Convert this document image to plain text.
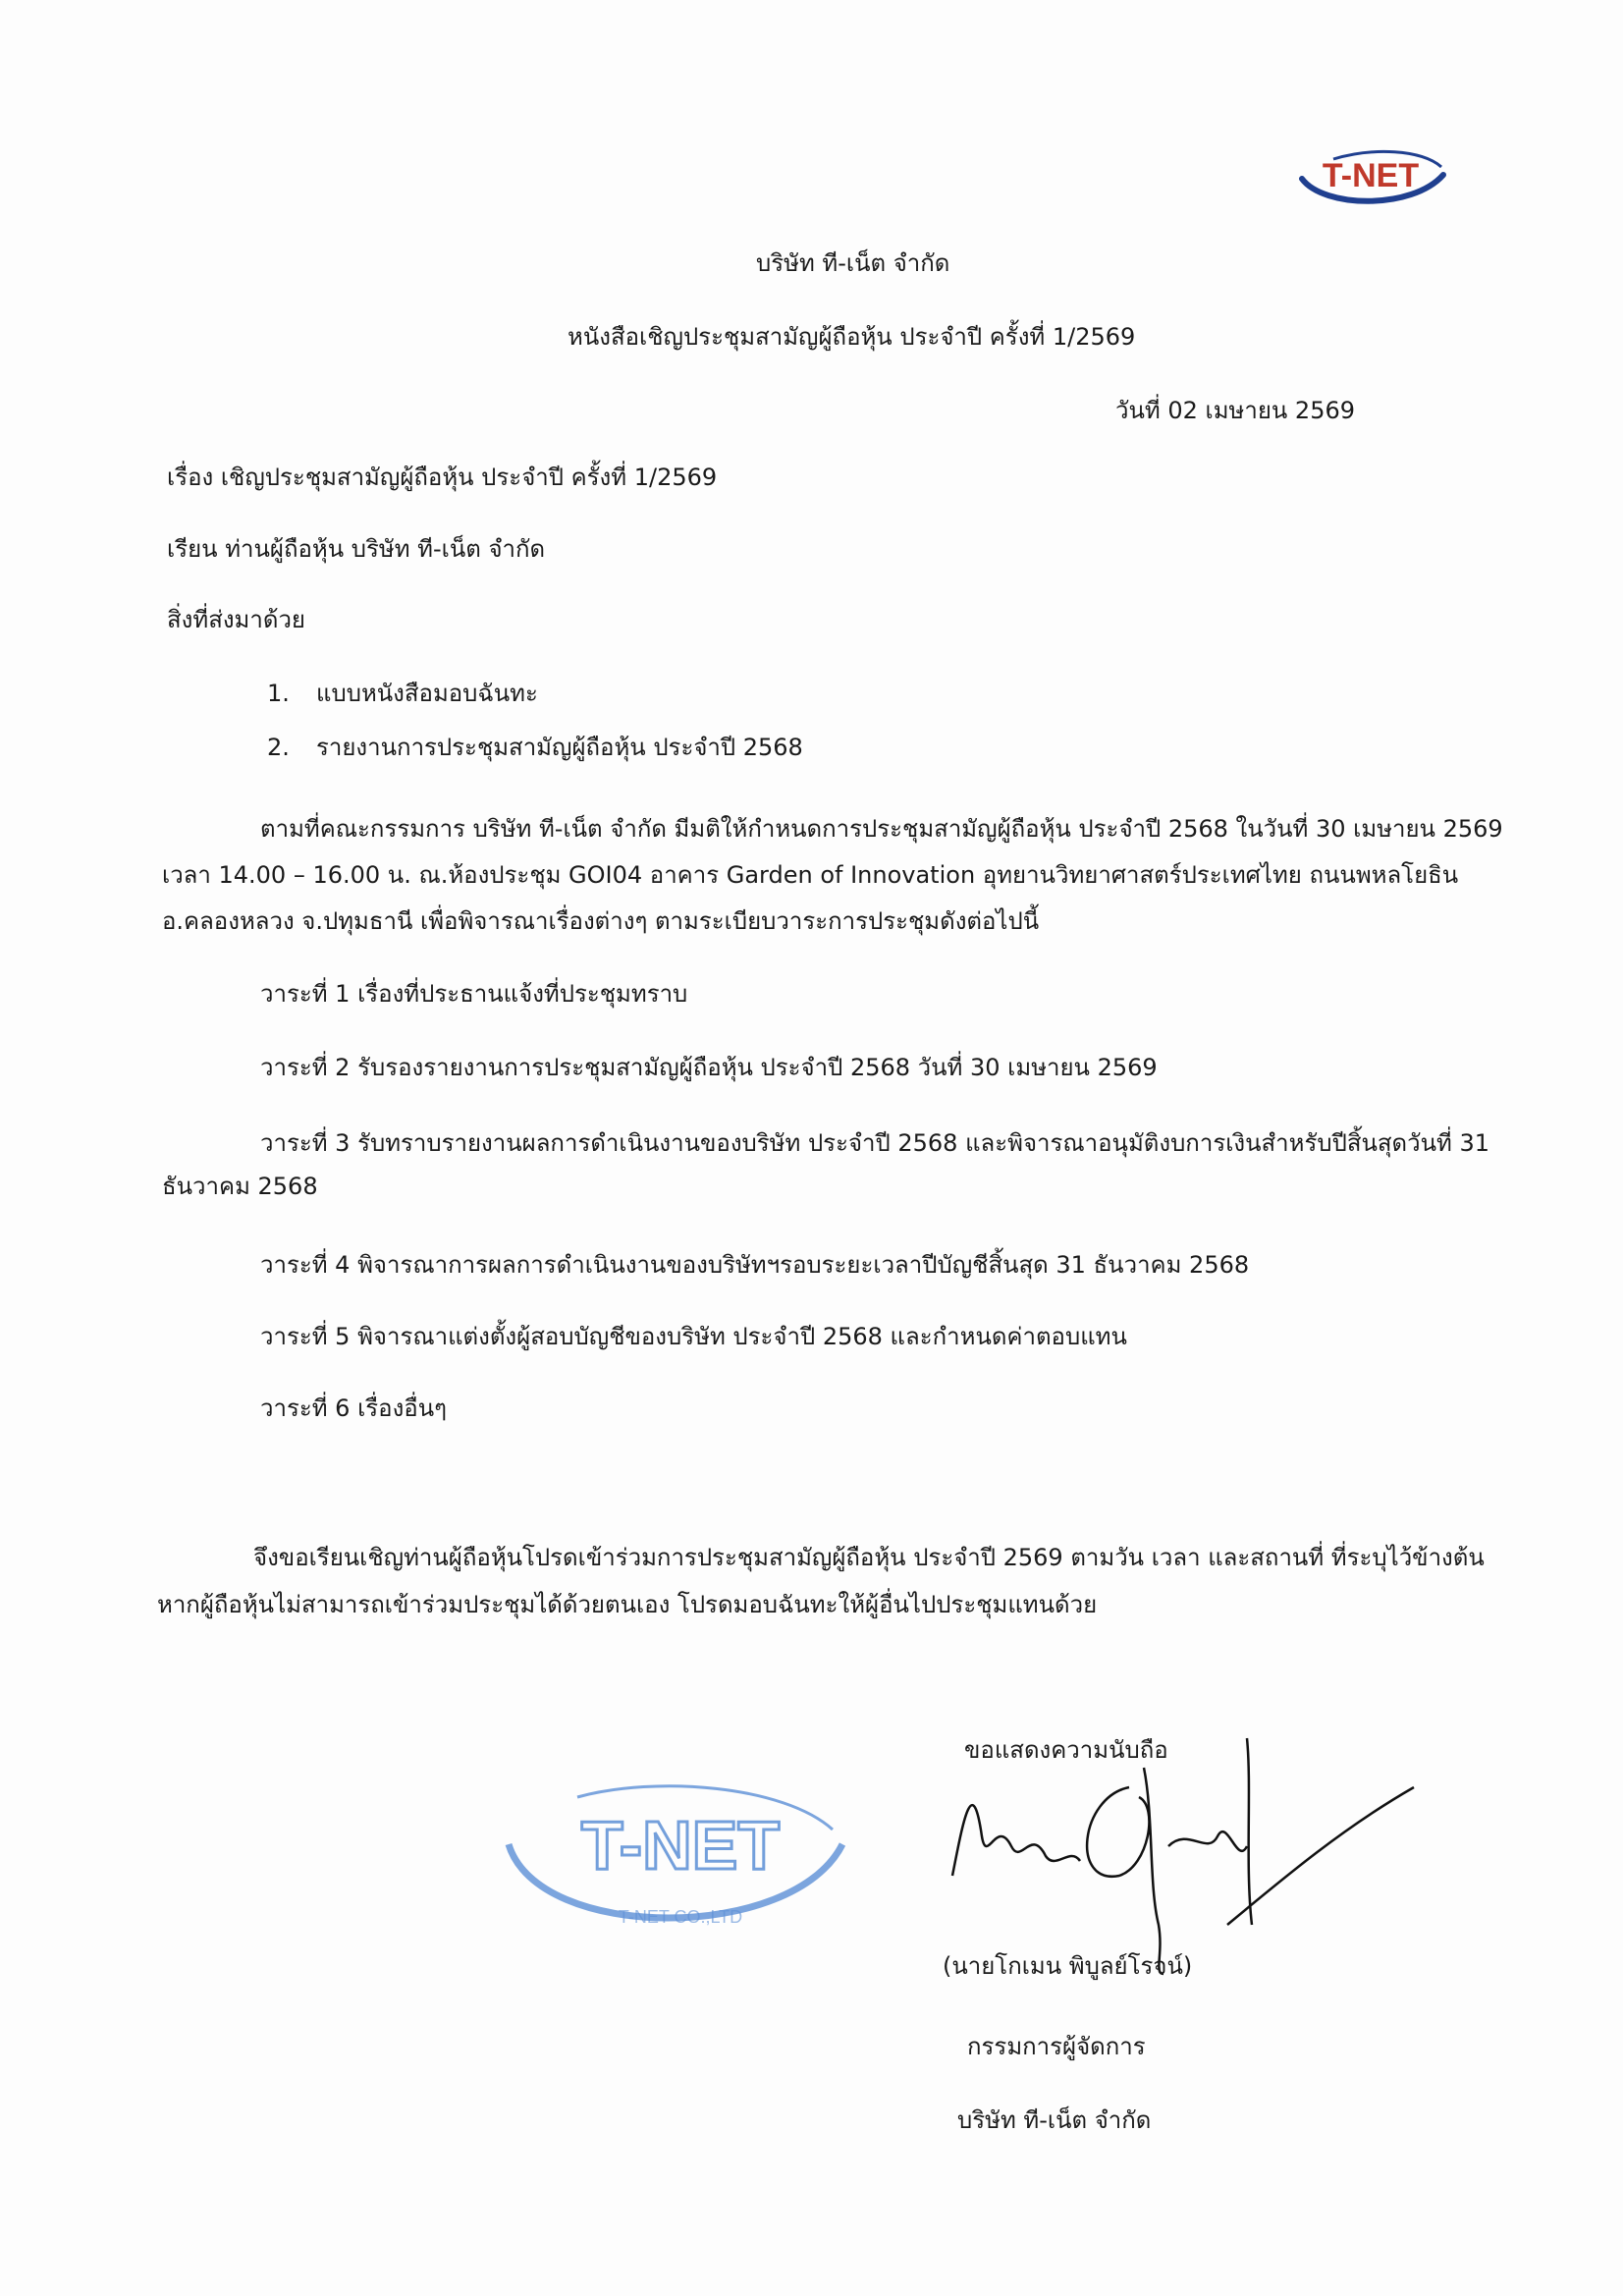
T-NET
บริษัท ที-เน็ต จำกัด
หนังสือเชิญประชุมสามัญผู้ถือหุ้น ประจำปี ครั้งที่ 1/2569
วันที่ 02 เมษายน 2569
เรื่อง เชิญประชุมสามัญผู้ถือหุ้น ประจำปี ครั้งที่ 1/2569
เรียน ท่านผู้ถือหุ้น บริษัท ที-เน็ต จำกัด
สิ่งที่ส่งมาด้วย
1. แบบหนังสือมอบฉันทะ
2. รายงานการประชุมสามัญผู้ถือหุ้น ประจำปี 2568
ตามที่คณะกรรมการ บริษัท ที-เน็ต จำกัด มีมติให้กำหนดการประชุมสามัญผู้ถือหุ้น ประจำปี 2568 ในวันที่ 30 เมษายน 2569
เวลา 14.00 – 16.00 น. ณ.ห้องประชุม GOI04 อาคาร Garden of Innovation อุทยานวิทยาศาสตร์ประเทศไทย ถนนพหลโยธิน
อ.คลองหลวง จ.ปทุมธานี เพื่อพิจารณาเรื่องต่างๆ ตามระเบียบวาระการประชุมดังต่อไปนี้
วาระที่ 1 เรื่องที่ประธานแจ้งที่ประชุมทราบ
วาระที่ 2 รับรองรายงานการประชุมสามัญผู้ถือหุ้น ประจำปี 2568 วันที่ 30 เมษายน 2569
วาระที่ 3 รับทราบรายงานผลการดำเนินงานของบริษัท ประจำปี 2568 และพิจารณาอนุมัติงบการเงินสำหรับปีสิ้นสุดวันที่ 31
ธันวาคม 2568
วาระที่ 4 พิจารณาการผลการดำเนินงานของบริษัทฯรอบระยะเวลาปีบัญชีสิ้นสุด 31 ธันวาคม 2568
วาระที่ 5 พิจารณาแต่งตั้งผู้สอบบัญชีของบริษัท ประจำปี 2568 และกำหนดค่าตอบแทน
วาระที่ 6 เรื่องอื่นๆ
จึงขอเรียนเชิญท่านผู้ถือหุ้นโปรดเข้าร่วมการประชุมสามัญผู้ถือหุ้น ประจำปี 2569 ตามวัน เวลา และสถานที่ ที่ระบุไว้ข้างต้น
หากผู้ถือหุ้นไม่สามารถเข้าร่วมประชุมได้ด้วยตนเอง โปรดมอบฉันทะให้ผู้อื่นไปประชุมแทนด้วย
T-NET
T-NET CO.,LTD
ขอแสดงความนับถือ
(นายโกเมน พิบูลย์โรจน์)
กรรมการผู้จัดการ
บริษัท ที-เน็ต จำกัด
